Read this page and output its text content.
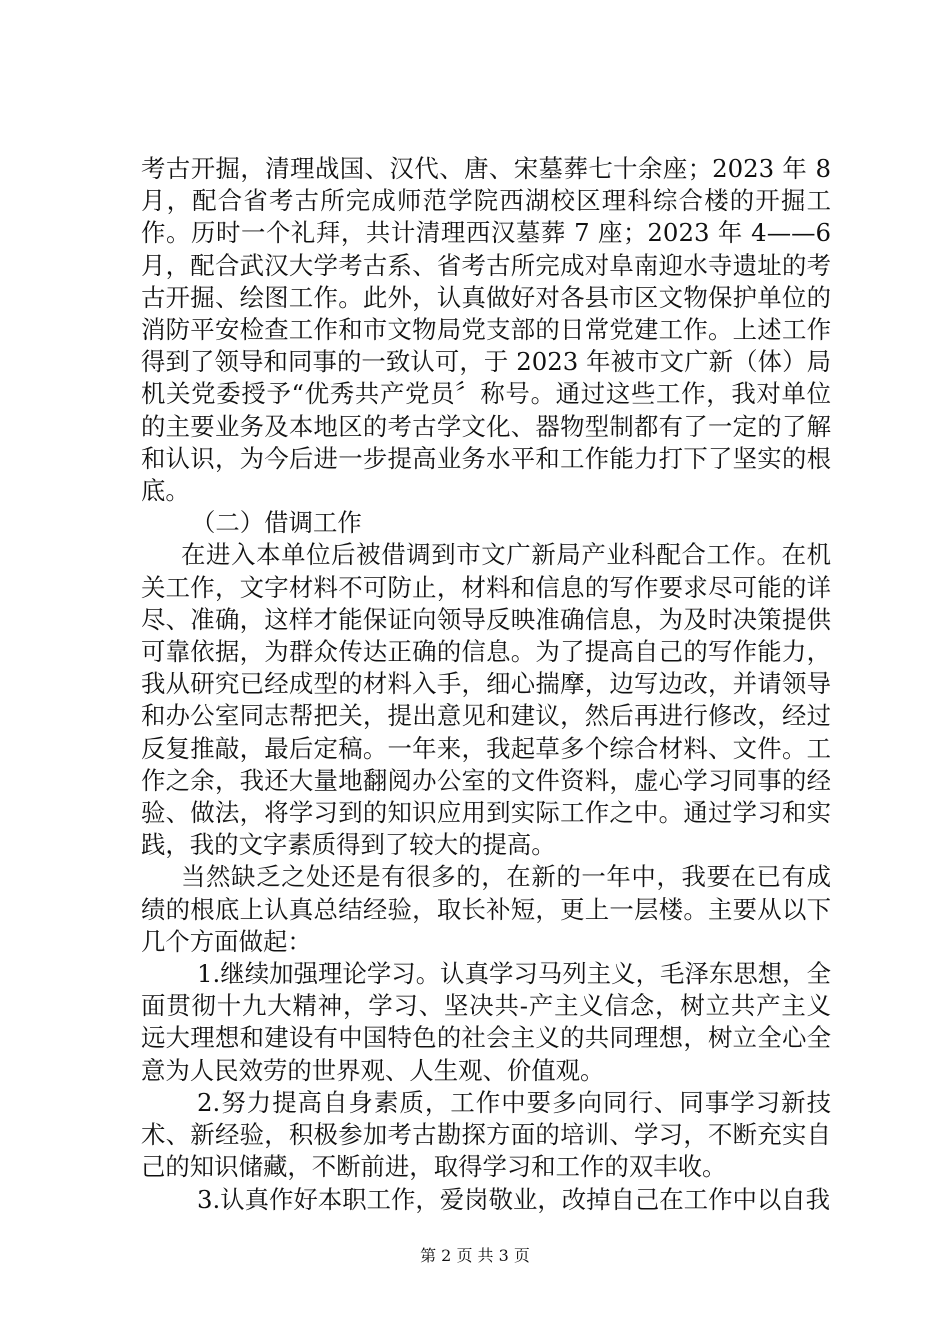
考古开掘，清理战国、汉代、唐、宋墓葬七十余座；2023 年 8 月，配合省考古所完成师范学院西湖校区理科综合楼的开掘工作。历时一个礼拜，共计清理西汉墓葬 7 座；2023 年 4——6 月，配合武汉大学考古系、省考古所完成对阜南迎水寺遗址的考古开掘、绘图工作。此外，认真做好对各县市区文物保护单位的消防平安检查工作和市文物局党支部的日常党建工作。上述工作得到了领导和同事的一致认可，于 2023 年被市文广新（体）局机关党委授予“优秀共产党员〞称号。通过这些工作，我对单位的主要业务及本地区的考古学文化、器物型制都有了一定的了解和认识，为今后进一步提高业务水平和工作能力打下了坚实的根底。

（二）借调工作

在进入本单位后被借调到市文广新局产业科配合工作。在机关工作，文字材料不可防止，材料和信息的写作要求尽可能的详尽、准确，这样才能保证向领导反映准确信息，为及时决策提供可靠依据，为群众传达正确的信息。为了提高自己的写作能力，我从研究已经成型的材料入手，细心揣摩，边写边改，并请领导和办公室同志帮把关，提出意见和建议，然后再进行修改，经过反复推敲，最后定稿。一年来，我起草多个综合材料、文件。工作之余，我还大量地翻阅办公室的文件资料，虚心学习同事的经验、做法，将学习到的知识应用到实际工作之中。通过学习和实践，我的文字素质得到了较大的提高。

当然缺乏之处还是有很多的，在新的一年中，我要在已有成绩的根底上认真总结经验，取长补短，更上一层楼。主要从以下几个方面做起：

1.继续加强理论学习。认真学习马列主义，毛泽东思想，全面贯彻十九大精神，学习、坚决共-产主义信念，树立共产主义远大理想和建设有中国特色的社会主义的共同理想，树立全心全意为人民效劳的世界观、人生观、价值观。

2.努力提高自身素质，工作中要多向同行、同事学习新技术、新经验，积极参加考古勘探方面的培训、学习，不断充实自己的知识储藏，不断前进，取得学习和工作的双丰收。

3.认真作好本职工作，爱岗敬业，改掉自己在工作中以自我

第 2 页 共 3 页
